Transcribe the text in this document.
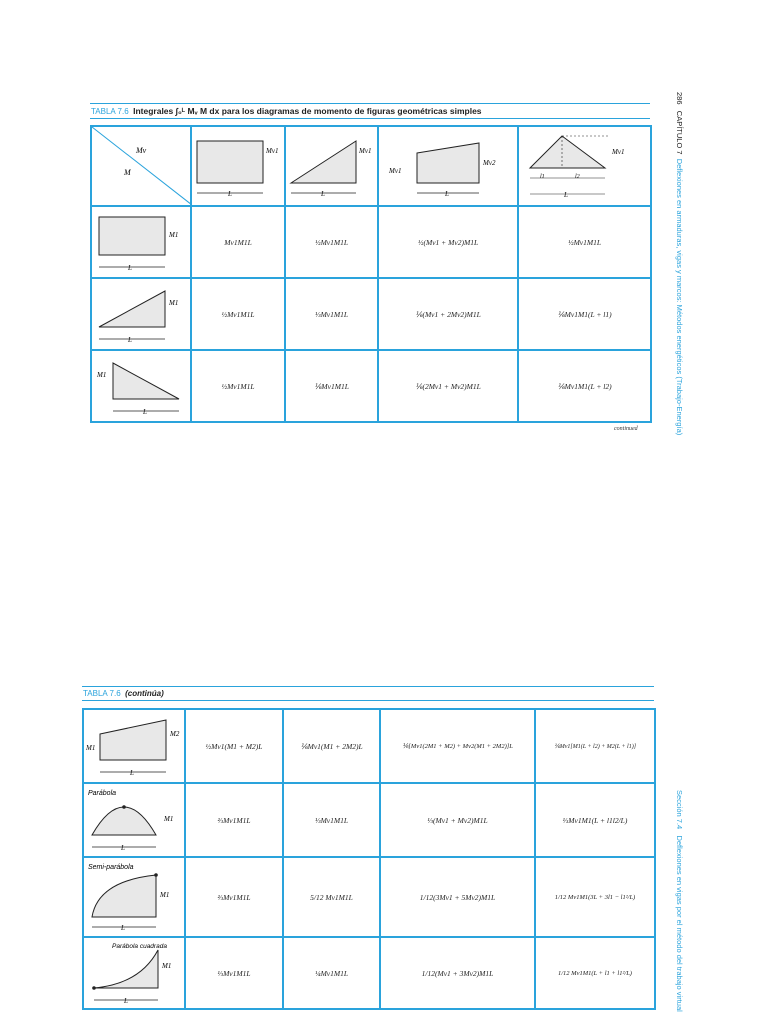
TABLA 7.6 Integrales ∫₀ᴸ Mᵥ M dx para los diagramas de momento de figuras geométricas simples
Mv
M	Mv1
L	Mv1
L	Mv1
Mv2
L	Mv1
l1 l2
L

M1
L	Mv1M1L	½Mv1M1L	½(Mv1 + Mv2)M1L	½Mv1M1L

M1
L	½Mv1M1L	⅓Mv1M1L	⅙(Mv1 + 2Mv2)M1L	⅙Mv1M1(L + l1)

M1
L	½Mv1M1L	⅙Mv1M1L	⅙(2Mv1 + Mv2)M1L	⅙Mv1M1(L + l2)
continued
286   CAPÍTULO 7  Deflexiones en armaduras, vigas y marcos: Métodos energéticos (Trabajo-Energía)
TABLA 7.6 (continúa)
M1
M2
L	½Mv1(M1 + M2)L	⅙Mv1(M1 + 2M2)L	⅙[Mv1(2M1 + M2) + Mv2(M1 + 2M2)]L	⅙Mv1[M1(L + l2) + M2(L + l1)]

Parábola
M1
L	⅔Mv1M1L	⅓Mv1M1L	⅓(Mv1 + Mv2)M1L	⅓Mv1M1(L + l1l2/L)

Semi-parábola
M1
L	⅔Mv1M1L	5/12 Mv1M1L	1/12(3Mv1 + 5Mv2)M1L	1/12 Mv1M1(3L + 3l1 − l1²/L)

Parábola cuadrada
M1
L	⅓Mv1M1L	¼Mv1M1L	1/12(Mv1 + 3Mv2)M1L	1/12 Mv1M1(L + l1 + l1²/L)
Sección 7.4   Deflexiones en vigas por el método del trabajo virtual
